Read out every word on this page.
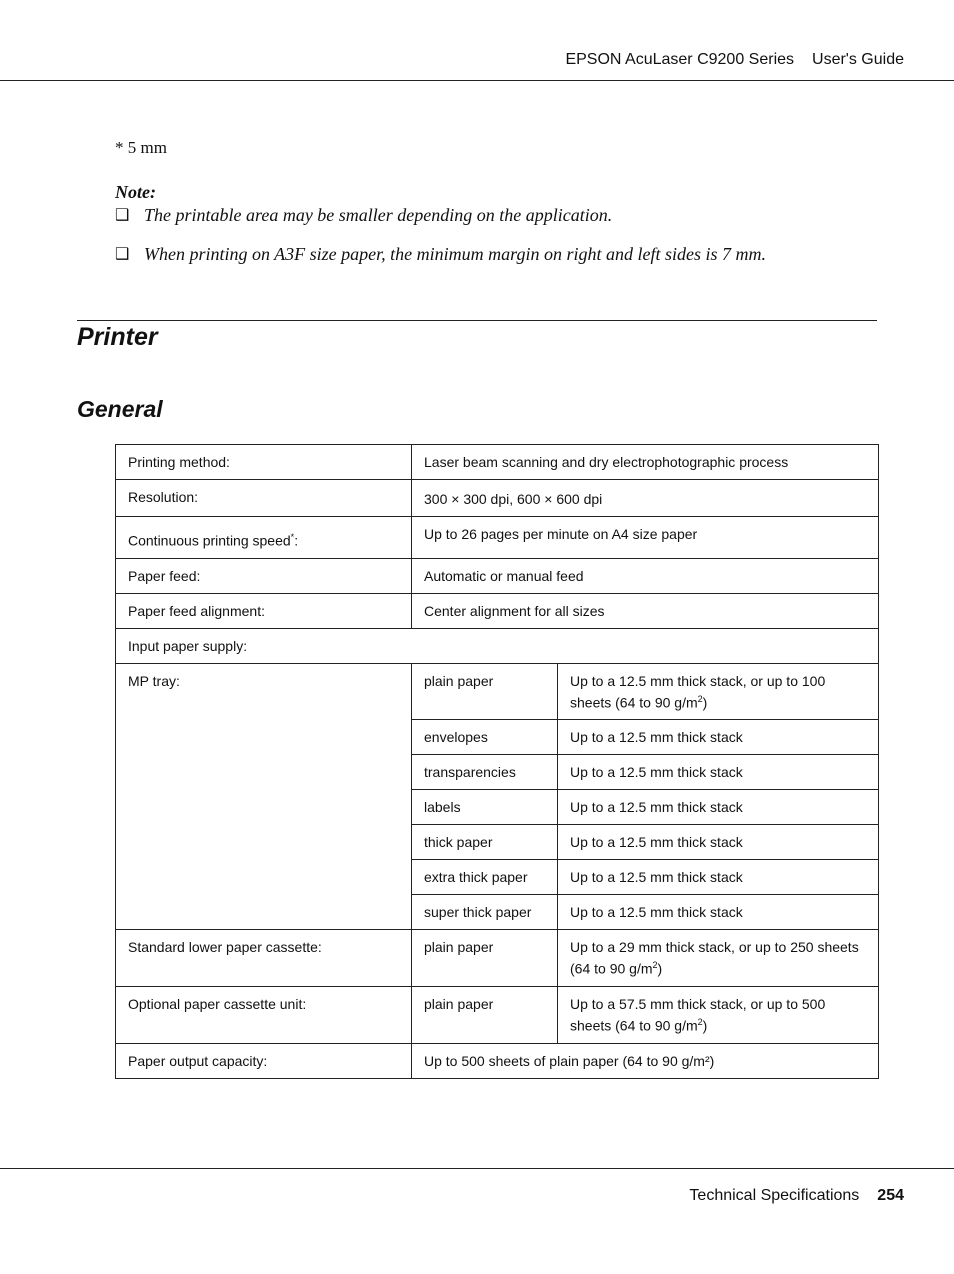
EPSON AcuLaser C9200 Series User's Guide
* 5 mm
Note:
❑ The printable area may be smaller depending on the application.
❑ When printing on A3F size paper, the minimum margin on right and left sides is 7 mm.
Printer
General
Printing method:	Laser beam scanning and dry electrophotographic process	
Resolution:	300 × 300 dpi, 600 × 600 dpi	
Continuous printing speed*:	Up to 26 pages per minute on A4 size paper	
Paper feed:	Automatic or manual feed	
Paper feed alignment:	Center alignment for all sizes	
Input paper supply:		
MP tray:	plain paper	Up to a 12.5 mm thick stack, or up to 100 sheets (64 to 90 $g/m^2$)
	envelopes	Up to a 12.5 mm thick stack
	transparencies	Up to a 12.5 mm thick stack
	labels	Up to a 12.5 mm thick stack
	thick paper	Up to a 12.5 mm thick stack
	extra thick paper	Up to a 12.5 mm thick stack
	super thick paper	Up to a 12.5 mm thick stack
Standard lower paper cassette:	plain paper	Up to a 29 mm thick stack, or up to 250 sheets (64 to 90 $g/m^2$)
Optional paper cassette unit:	plain paper	Up to a 57.5 mm thick stack, or up to 500 sheets (64 to 90 $g/m^2$)
Paper output capacity:	Up to 500 sheets of plain paper (64 to 90 g/m²)	
Technical Specifications 254
